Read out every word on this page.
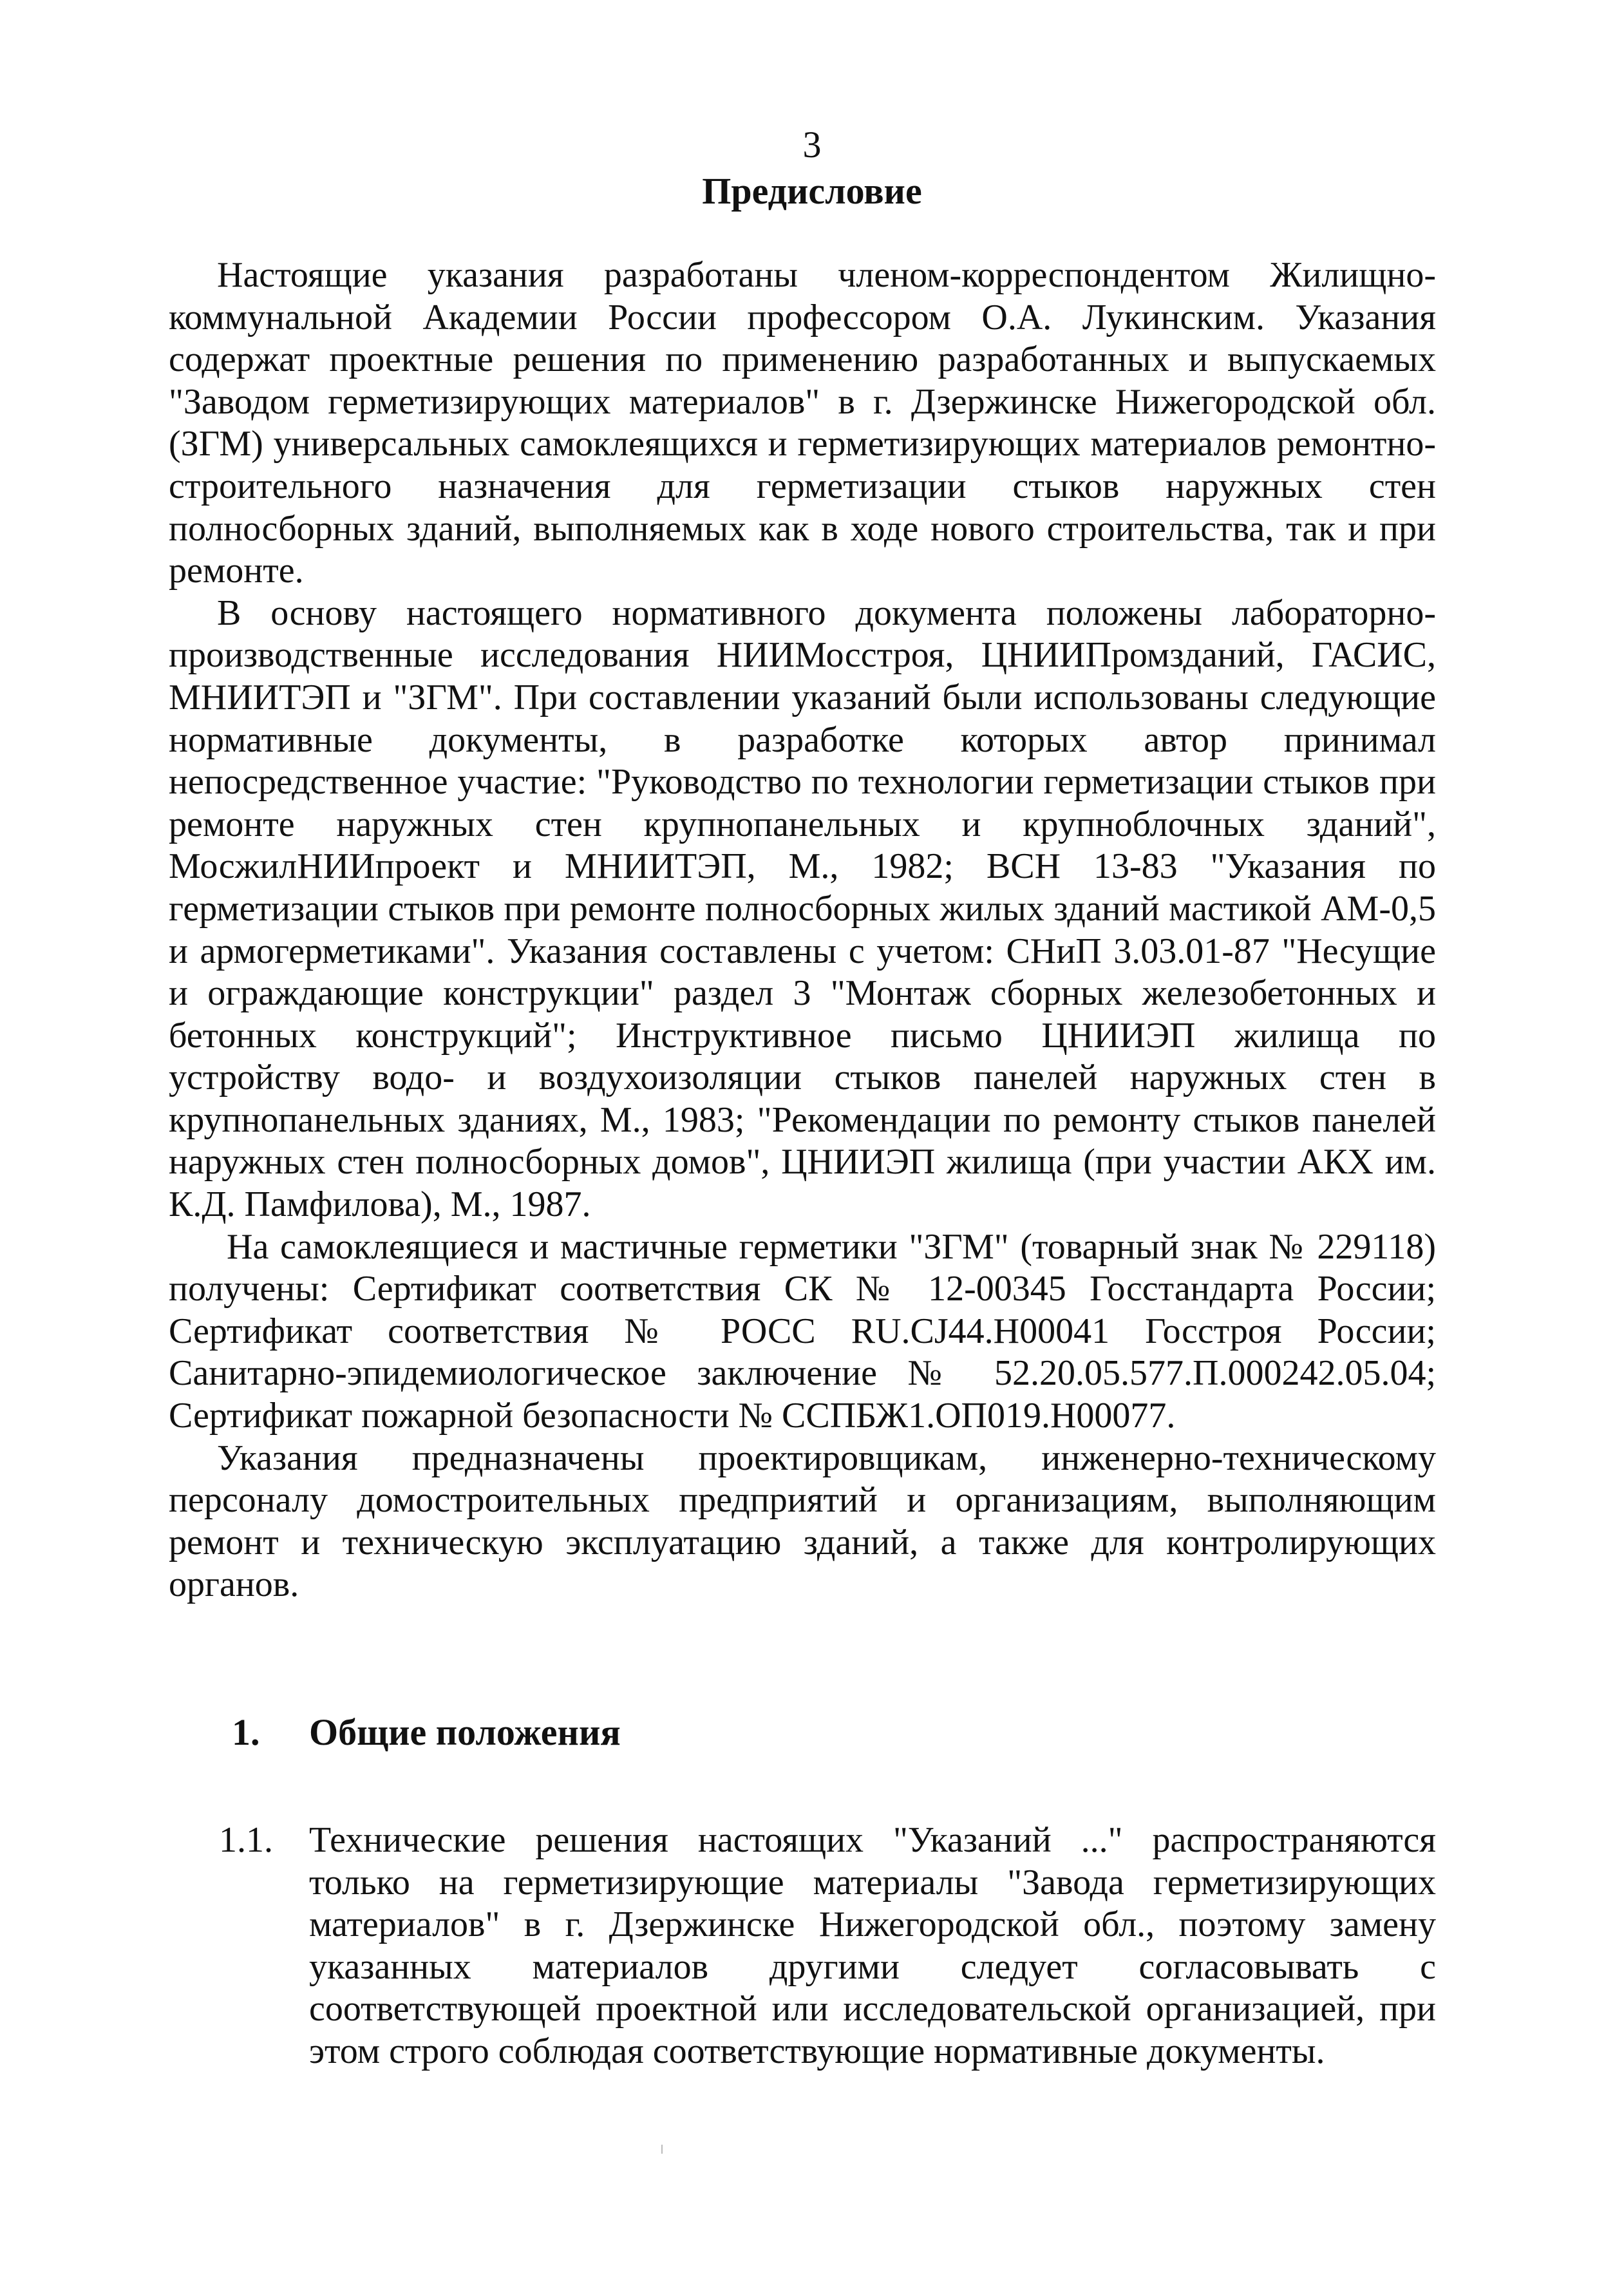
3
Предисловие

Настоящие указания разработаны членом-корреспондентом Жилищно-коммунальной Академии России профессором О.А. Лукинским. Указания содержат проектные решения по применению разработанных и выпускаемых "Заводом герметизирующих материалов" в г. Дзержинске Нижегородской обл. (ЗГМ) универсальных самоклеящихся и герметизирующих материалов ремонтно-строительного назначения для герметизации стыков наружных стен полносборных зданий, выполняемых как в ходе нового строительства, так и при ремонте.

В основу настоящего нормативного документа положены лабораторно-производственные исследования НИИМосстроя, ЦНИИПромзданий, ГАСИС, МНИИТЭП и "ЗГМ". При составлении указаний были использованы следующие нормативные документы, в разработке которых автор принимал непосредственное участие: "Руководство по технологии герметизации стыков при ремонте наружных стен крупнопанельных и крупноблочных зданий", МосжилНИИпроект и МНИИТЭП, М., 1982; ВСН 13-83 "Указания по герметизации стыков при ремонте полносборных жилых зданий мастикой АМ-0,5 и армогерметиками". Указания составлены с учетом: СНиП 3.03.01-87 "Несущие и ограждающие конструкции" раздел 3 "Монтаж сборных железобетонных и бетонных конструкций"; Инструктивное письмо ЦНИИЭП жилища по устройству водо- и воздухоизоляции стыков панелей наружных стен в крупнопанельных зданиях, М., 1983; "Рекомендации по ремонту стыков панелей наружных стен полносборных домов", ЦНИИЭП жилища (при участии АКХ им. К.Д. Памфилова), М., 1987.

На самоклеящиеся и мастичные герметики "ЗГМ" (товарный знак № 229118) получены: Сертификат соответствия СК № 12-00345 Госстандарта России; Сертификат соответствия № РОСС RU.СЈ44.Н00041 Госстроя России; Санитарно-эпидемиологическое заключение № 52.20.05.577.П.000242.05.04; Сертификат пожарной безопасности № ССПБЖ1.ОП019.Н00077.

Указания предназначены проектировщикам, инженерно-техническому персоналу домостроительных предприятий и организациям, выполняющим ремонт и техническую эксплуатацию зданий, а также для контролирующих органов.

1. Общие положения
1.1. Технические решения настоящих "Указаний ..." распространяются только на герметизирующие материалы "Завода герметизирующих материалов" в г. Дзержинске Нижегородской обл., поэтому замену указанных материалов другими следует согласовывать с соответствующей проектной или исследовательской организацией, при этом строго соблюдая соответствующие нормативные документы.
